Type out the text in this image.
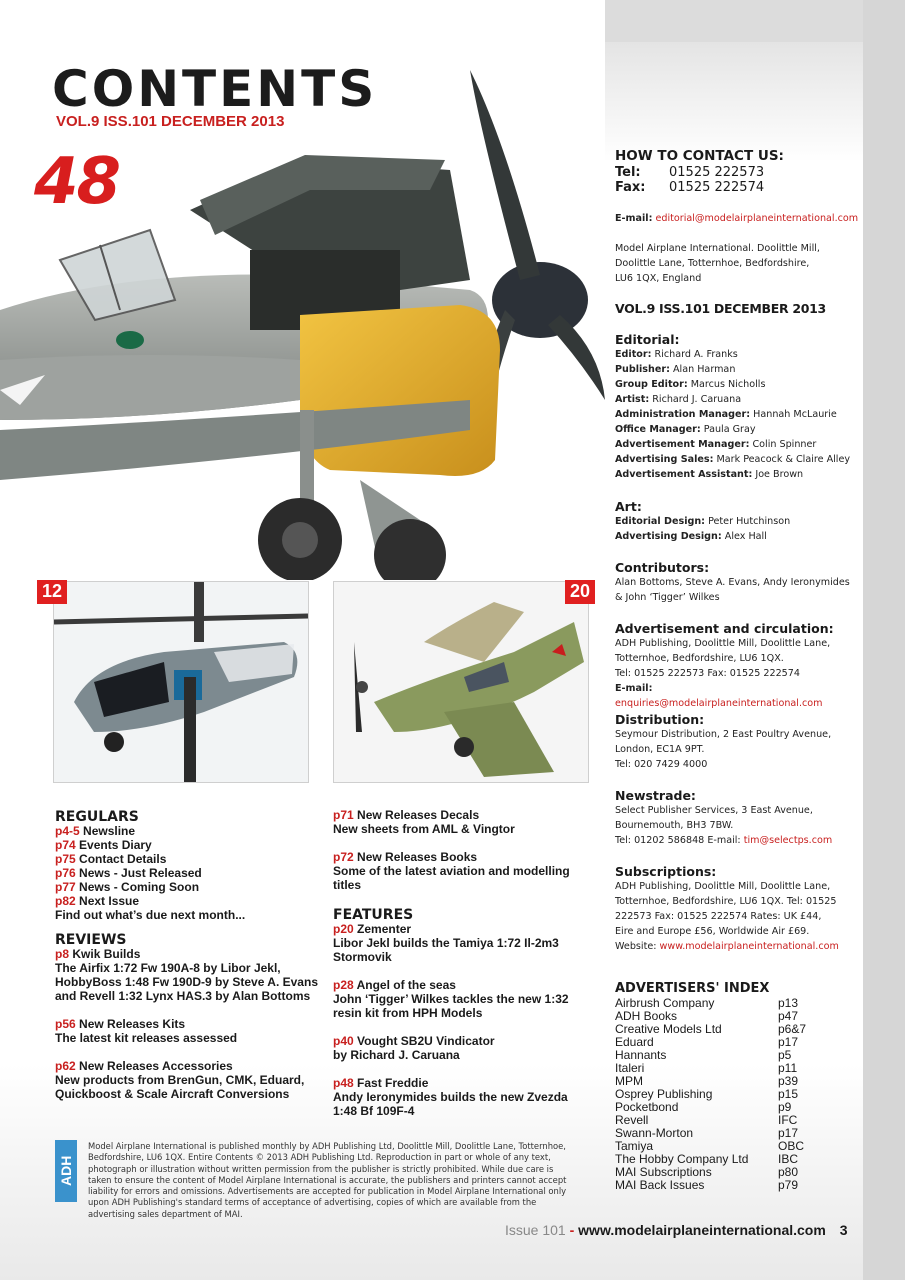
CONTENTS
VOL.9 ISS.101 DECEMBER 2013
48
12	20
HOW TO CONTACT US:
Tel: 01525 222573
Fax: 01525 222574
E-mail: editorial@modelairplaneinternational.com
Model Airplane International. Doolittle Mill,
Doolittle Lane, Totternhoe, Bedfordshire,
LU6 1QX, England
VOL.9 ISS.101 DECEMBER 2013
Editorial:
Editor: Richard A. Franks
Publisher: Alan Harman
Group Editor: Marcus Nicholls
Artist: Richard J. Caruana
Administration Manager: Hannah McLaurie
Office Manager: Paula Gray
Advertisement Manager: Colin Spinner
Advertising Sales: Mark Peacock & Claire Alley
Advertisement Assistant: Joe Brown
Art:
Editorial Design: Peter Hutchinson
Advertising Design: Alex Hall
Contributors:
Alan Bottoms, Steve A. Evans, Andy Ieronymides
& John ‘Tigger’ Wilkes
Advertisement and circulation:
ADH Publishing, Doolittle Mill, Doolittle Lane,
Totternhoe, Bedfordshire, LU6 1QX.
Tel: 01525 222573 Fax: 01525 222574
E-mail: enquiries@modelairplaneinternational.com
Distribution:
Seymour Distribution, 2 East Poultry Avenue,
London, EC1A 9PT.
Tel: 020 7429 4000
Newstrade:
Select Publisher Services, 3 East Avenue,
Bournemouth, BH3 7BW.
Tel: 01202 586848 E-mail: tim@selectps.com
Subscriptions:
ADH Publishing, Doolittle Mill, Doolittle Lane,
Totternhoe, Bedfordshire, LU6 1QX. Tel: 01525
222573 Fax: 01525 222574 Rates: UK £44,
Eire and Europe £56, Worldwide Air £69.
Website: www.modelairplaneinternational.com
ADVERTISERS' INDEX
Airbrush Company	p13
ADH Books	p47
Creative Models Ltd	p6&7
Eduard	p17
Hannants	p5
Italeri	p11
MPM	p39
Osprey Publishing	p15
Pocketbond	p9
Revell	IFC
Swann-Morton	p17
Tamiya	OBC
The Hobby Company Ltd	IBC
MAI Subscriptions	p80
MAI Back Issues	p79
REGULARS
p4-5 Newsline
p74 Events Diary
p75 Contact Details
p76 News - Just Released
p77 News - Coming Soon
p82 Next Issue
Find out what’s due next month...
REVIEWS
p8 Kwik Builds
The Airfix 1:72 Fw 190A-8 by Libor Jekl, HobbyBoss 1:48 Fw 190D-9 by Steve A. Evans and Revell 1:32 Lynx HAS.3 by Alan Bottoms
p56 New Releases Kits
The latest kit releases assessed
p62 New Releases Accessories
New products from BrenGun, CMK, Eduard, Quickboost & Scale Aircraft Conversions
p71 New Releases Decals
New sheets from AML & Vingtor
p72 New Releases Books
Some of the latest aviation and modelling titles
FEATURES
p20 Zementer
Libor Jekl builds the Tamiya 1:72 Il-2m3 Stormovik
p28 Angel of the seas
John ‘Tigger’ Wilkes tackles the new 1:32 resin kit from HPH Models
p40 Vought SB2U Vindicator
by Richard J. Caruana
p48 Fast Freddie
Andy Ieronymides builds the new Zvezda 1:48 Bf 109F-4
ADH
Model Airplane International is published monthly by ADH Publishing Ltd, Doolittle Mill, Doolittle Lane, Totternhoe, Bedfordshire, LU6 1QX. Entire Contents © 2013 ADH Publishing Ltd. Reproduction in part or whole of any text, photograph or illustration without written permission from the publisher is strictly prohibited. While due care is taken to ensure the content of Model Airplane International is accurate, the publishers and printers cannot accept liability for errors and omissions. Advertisements are accepted for publication in Model Airplane International only upon ADH Publishing's standard terms of acceptance of advertising, copies of which are available from the advertising sales department of MAI.
Issue 101 - www.modelairplaneinternational.com 3
